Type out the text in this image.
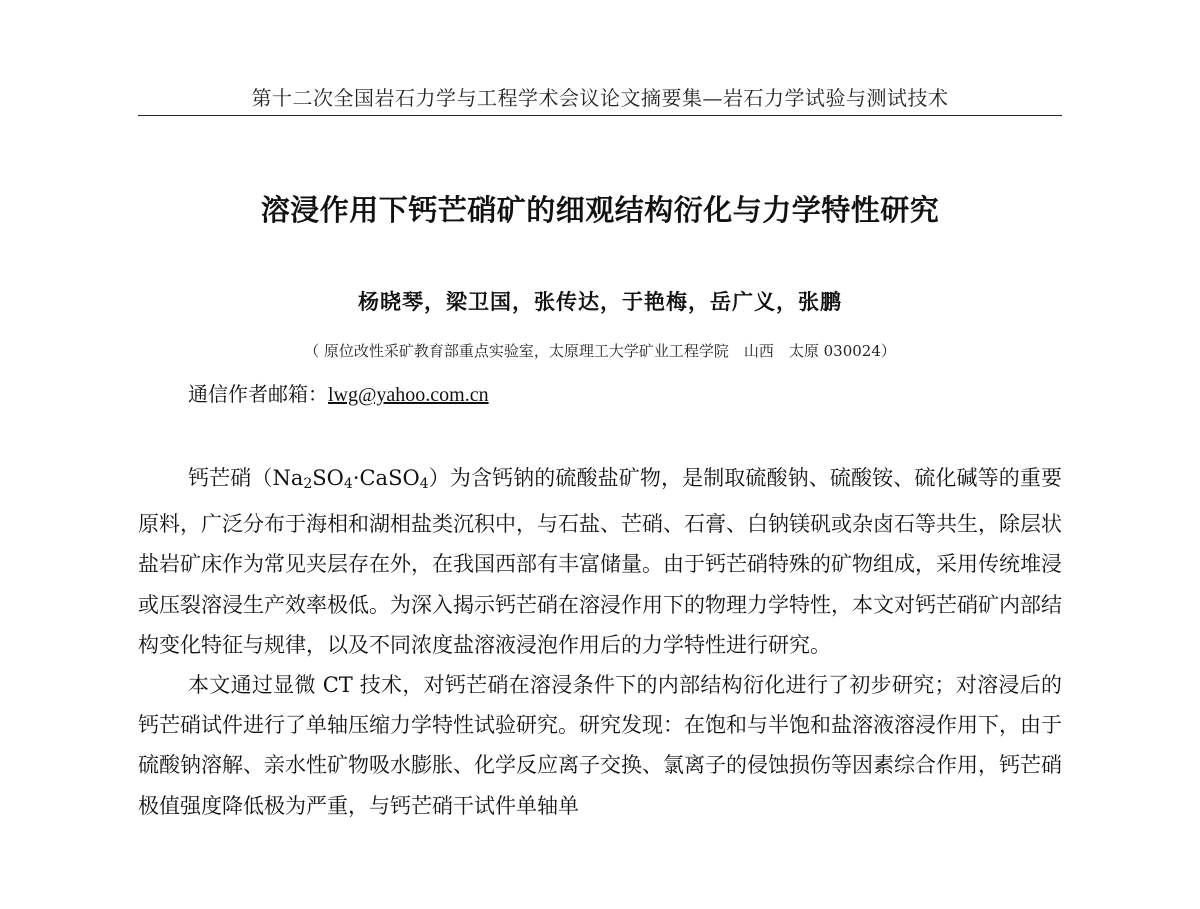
第十二次全国岩石力学与工程学术会议论文摘要集—岩石力学试验与测试技术
溶浸作用下钙芒硝矿的细观结构衍化与力学特性研究
杨晓琴，梁卫国，张传达，于艳梅，岳广义，张鹏
（ 原位改性采矿教育部重点实验室，太原理工大学矿业工程学院　山西　太原 030024）
通信作者邮箱：lwg@yahoo.com.cn

钙芒硝$(Na_2SO_4\cdot CaSO_4)$为含钙钠的硫酸盐矿物，是制取硫酸钠、硫酸铵、硫化碱等的重要原料，广泛分布于海相和湖相盐类沉积中，与石盐、芒硝、石膏、白钠镁矾或杂卤石等共生，除层状盐岩矿床作为常见夹层存在外，在我国西部有丰富储量。由于钙芒硝特殊的矿物组成，采用传统堆浸或压裂溶浸生产效率极低。为深入揭示钙芒硝在溶浸作用下的物理力学特性，本文对钙芒硝矿内部结构变化特征与规律，以及不同浓度盐溶液浸泡作用后的力学特性进行研究。

本文通过显微 CT 技术，对钙芒硝在溶浸条件下的内部结构衍化进行了初步研究；对溶浸后的钙芒硝试件进行了单轴压缩力学特性试验研究。研究发现：在饱和与半饱和盐溶液溶浸作用下，由于硫酸钠溶解、亲水性矿物吸水膨胀、化学反应离子交换、氯离子的侵蚀损伤等因素综合作用，钙芒硝极值强度降低极为严重，与钙芒硝干试件单轴单
